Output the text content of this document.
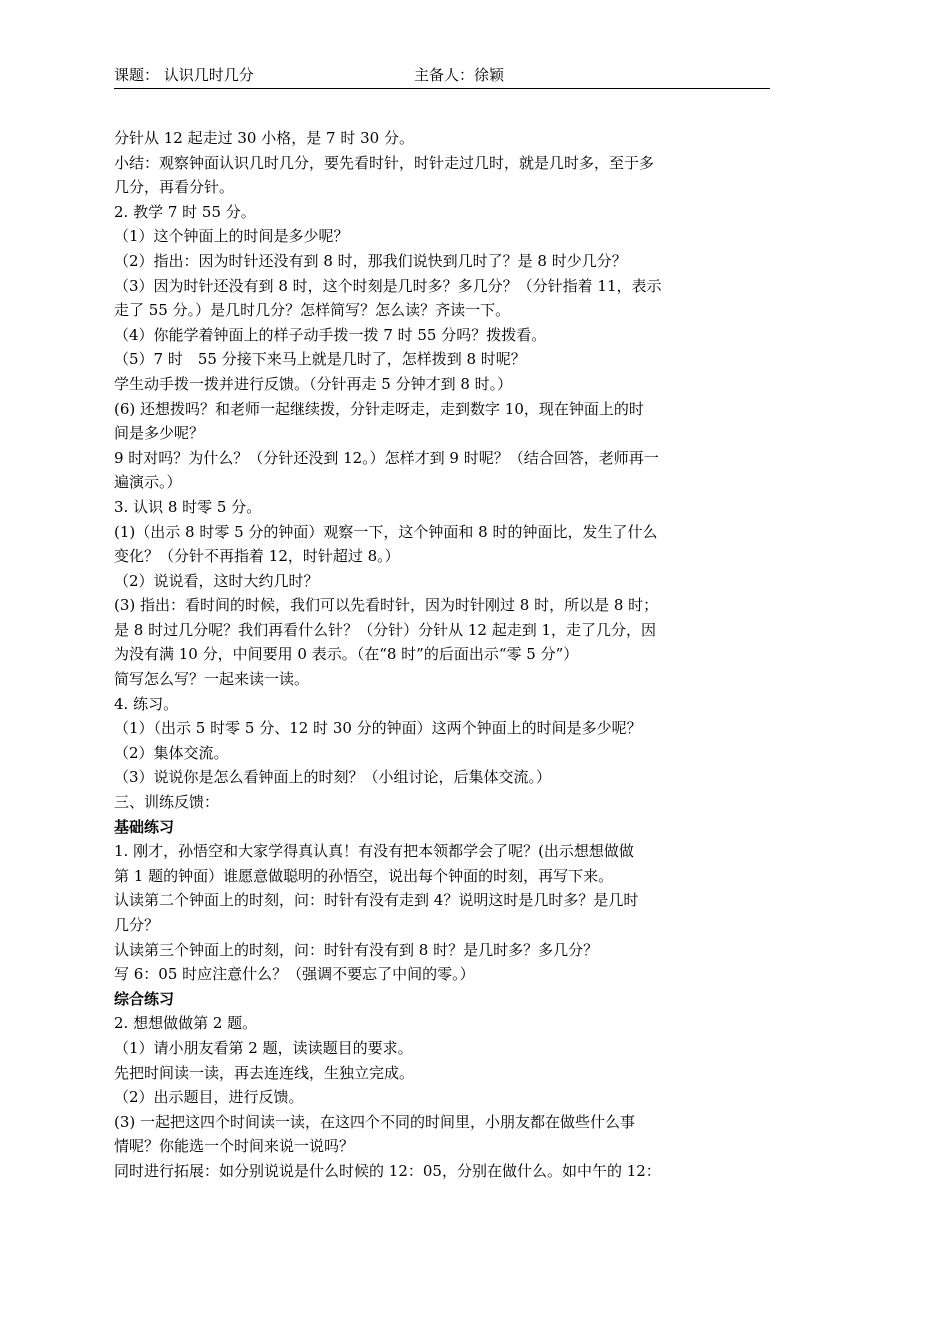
课题： 认识几时几分	主备人：徐颖
分针从 12 起走过 30 小格，是 7 时 30 分。
小结：观察钟面认识几时几分，要先看时针，时针走过几时，就是几时多，至于多
几分，再看分针。
2. 教学 7 时 55 分。
（1）这个钟面上的时间是多少呢？
（2）指出：因为时针还没有到 8 时，那我们说快到几时了？是 8 时少几分？
（3）因为时针还没有到 8 时，这个时刻是几时多？多几分？（分针指着 11，表示
走了 55 分。）是几时几分？怎样简写？怎么读？齐读一下。
（4）你能学着钟面上的样子动手拨一拨 7 时 55 分吗？拨拨看。
（5）7 时　55 分接下来马上就是几时了，怎样拨到 8 时呢？
学生动手拨一拨并进行反馈。（分针再走 5 分钟才到 8 时。）
(6) 还想拨吗？和老师一起继续拨，分针走呀走，走到数字 10，现在钟面上的时
间是多少呢？
9 时对吗？为什么？（分针还没到 12。）怎样才到 9 时呢？（结合回答，老师再一
遍演示。）
3. 认识 8 时零 5 分。
(1)（出示 8 时零 5 分的钟面）观察一下，这个钟面和 8 时的钟面比，发生了什么
变化？（分针不再指着 12，时针超过 8。）
（2）说说看，这时大约几时？
(3) 指出：看时间的时候，我们可以先看时针，因为时针刚过 8 时，所以是 8 时；
是 8 时过几分呢？我们再看什么针？（分针）分针从 12 起走到 1，走了几分，因
为没有满 10 分，中间要用 0 表示。（在“8 时”的后面出示“零 5 分”）
简写怎么写？一起来读一读。
4. 练习。
（1）（出示 5 时零 5 分、12 时 30 分的钟面）这两个钟面上的时间是多少呢？
（2）集体交流。
（3）说说你是怎么看钟面上的时刻？（小组讨论，后集体交流。）
三、训练反馈：
基础练习
1. 刚才，孙悟空和大家学得真认真！有没有把本领都学会了呢？(出示想想做做
第 1 题的钟面）谁愿意做聪明的孙悟空，说出每个钟面的时刻，再写下来。
认读第二个钟面上的时刻，问：时针有没有走到 4？说明这时是几时多？是几时
几分？
认读第三个钟面上的时刻，问：时针有没有到 8 时？是几时多？多几分？
写 6：05 时应注意什么？（强调不要忘了中间的零。）
综合练习
2. 想想做做第 2 题。
（1）请小朋友看第 2 题，读读题目的要求。
先把时间读一读，再去连连线，生独立完成。
（2）出示题目，进行反馈。
(3) 一起把这四个时间读一读，在这四个不同的时间里，小朋友都在做些什么事
情呢？你能选一个时间来说一说吗？
同时进行拓展：如分别说说是什么时候的 12：05，分别在做什么。如中午的 12：
